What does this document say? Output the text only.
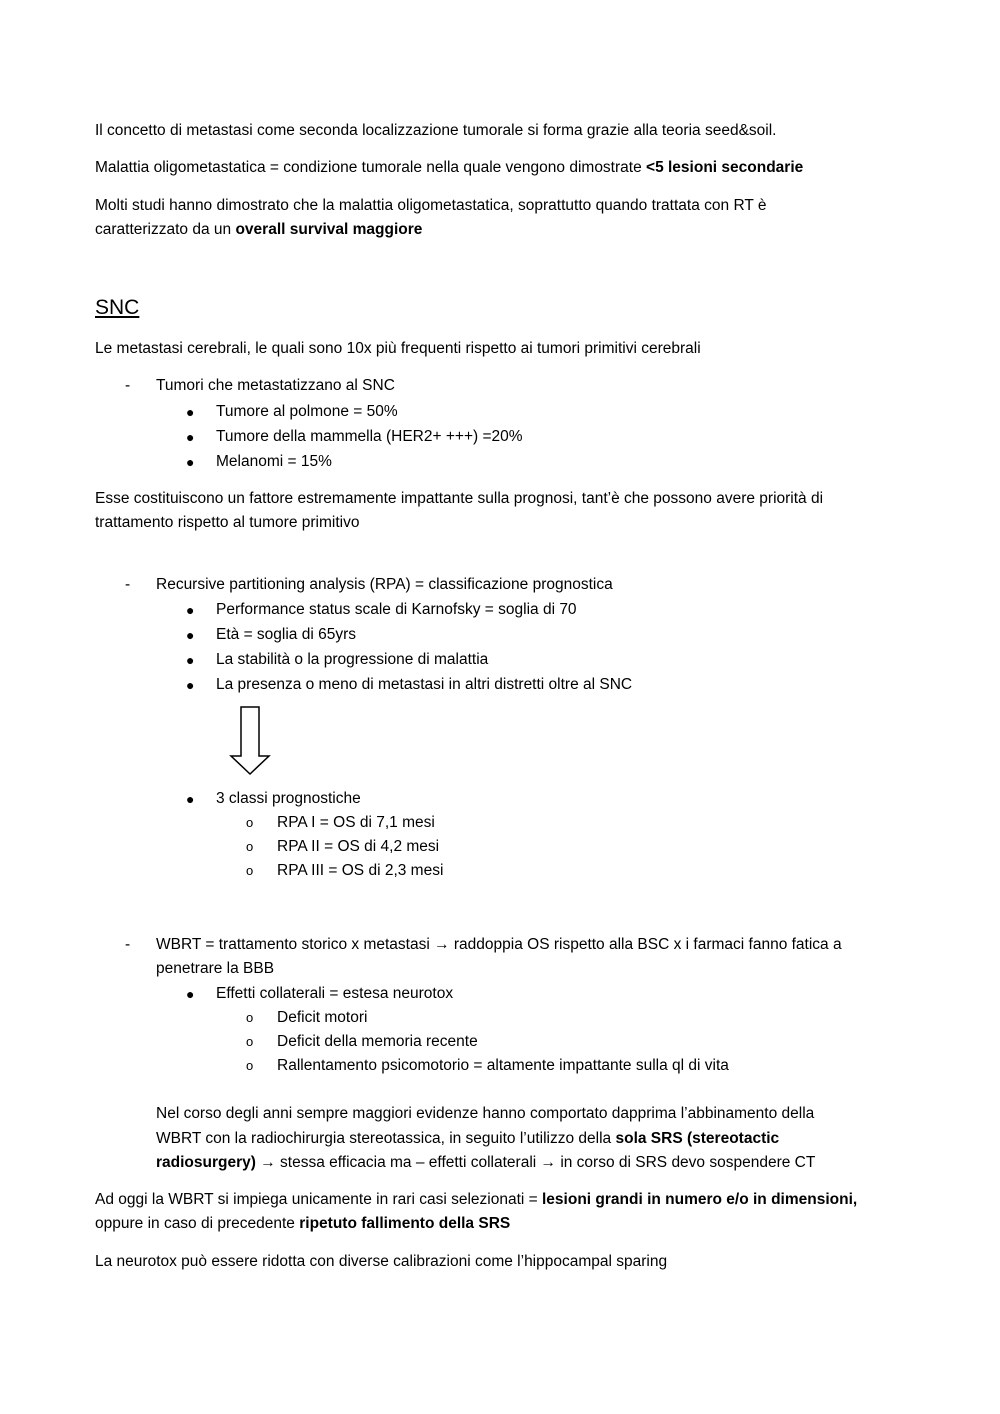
Il concetto di metastasi come seconda localizzazione tumorale si forma grazie alla teoria seed&soil.
Malattia oligometastatica = condizione tumorale nella quale vengono dimostrate <5 lesioni secondarie
Molti studi hanno dimostrato che la malattia oligometastatica, soprattutto quando trattata con RT è
caratterizzato da un overall survival maggiore
SNC
Le metastasi cerebrali, le quali sono 10x più frequenti rispetto ai tumori primitivi cerebrali
- Tumori che metastatizzano al SNC
● Tumore al polmone = 50%
● Tumore della mammella (HER2+ +++) =20%
● Melanomi = 15%
Esse costituiscono un fattore estremamente impattante sulla prognosi, tant’è che possono avere priorità di
trattamento rispetto al tumore primitivo
- Recursive partitioning analysis (RPA) = classificazione prognostica
● Performance status scale di Karnofsky = soglia di 70
● Età = soglia di 65yrs
● La stabilità o la progressione di malattia
● La presenza o meno di metastasi in altri distretti oltre al SNC
● 3 classi prognostiche
o RPA I = OS di 7,1 mesi
o RPA II = OS di 4,2 mesi
o RPA III = OS di 2,3 mesi
- WBRT = trattamento storico x metastasi → raddoppia OS rispetto alla BSC x i farmaci fanno fatica a
penetrare la BBB
● Effetti collaterali = estesa neurotox
o Deficit motori
o Deficit della memoria recente
o Rallentamento psicomotorio = altamente impattante sulla ql di vita
Nel corso degli anni sempre maggiori evidenze hanno comportato dapprima l’abbinamento della
WBRT con la radiochirurgia stereotassica, in seguito l’utilizzo della sola SRS (stereotactic
radiosurgery) → stessa efficacia ma – effetti collaterali → in corso di SRS devo sospendere CT
Ad oggi la WBRT si impiega unicamente in rari casi selezionati = lesioni grandi in numero e/o in dimensioni,
oppure in caso di precedente ripetuto fallimento della SRS
La neurotox può essere ridotta con diverse calibrazioni come l’hippocampal sparing
